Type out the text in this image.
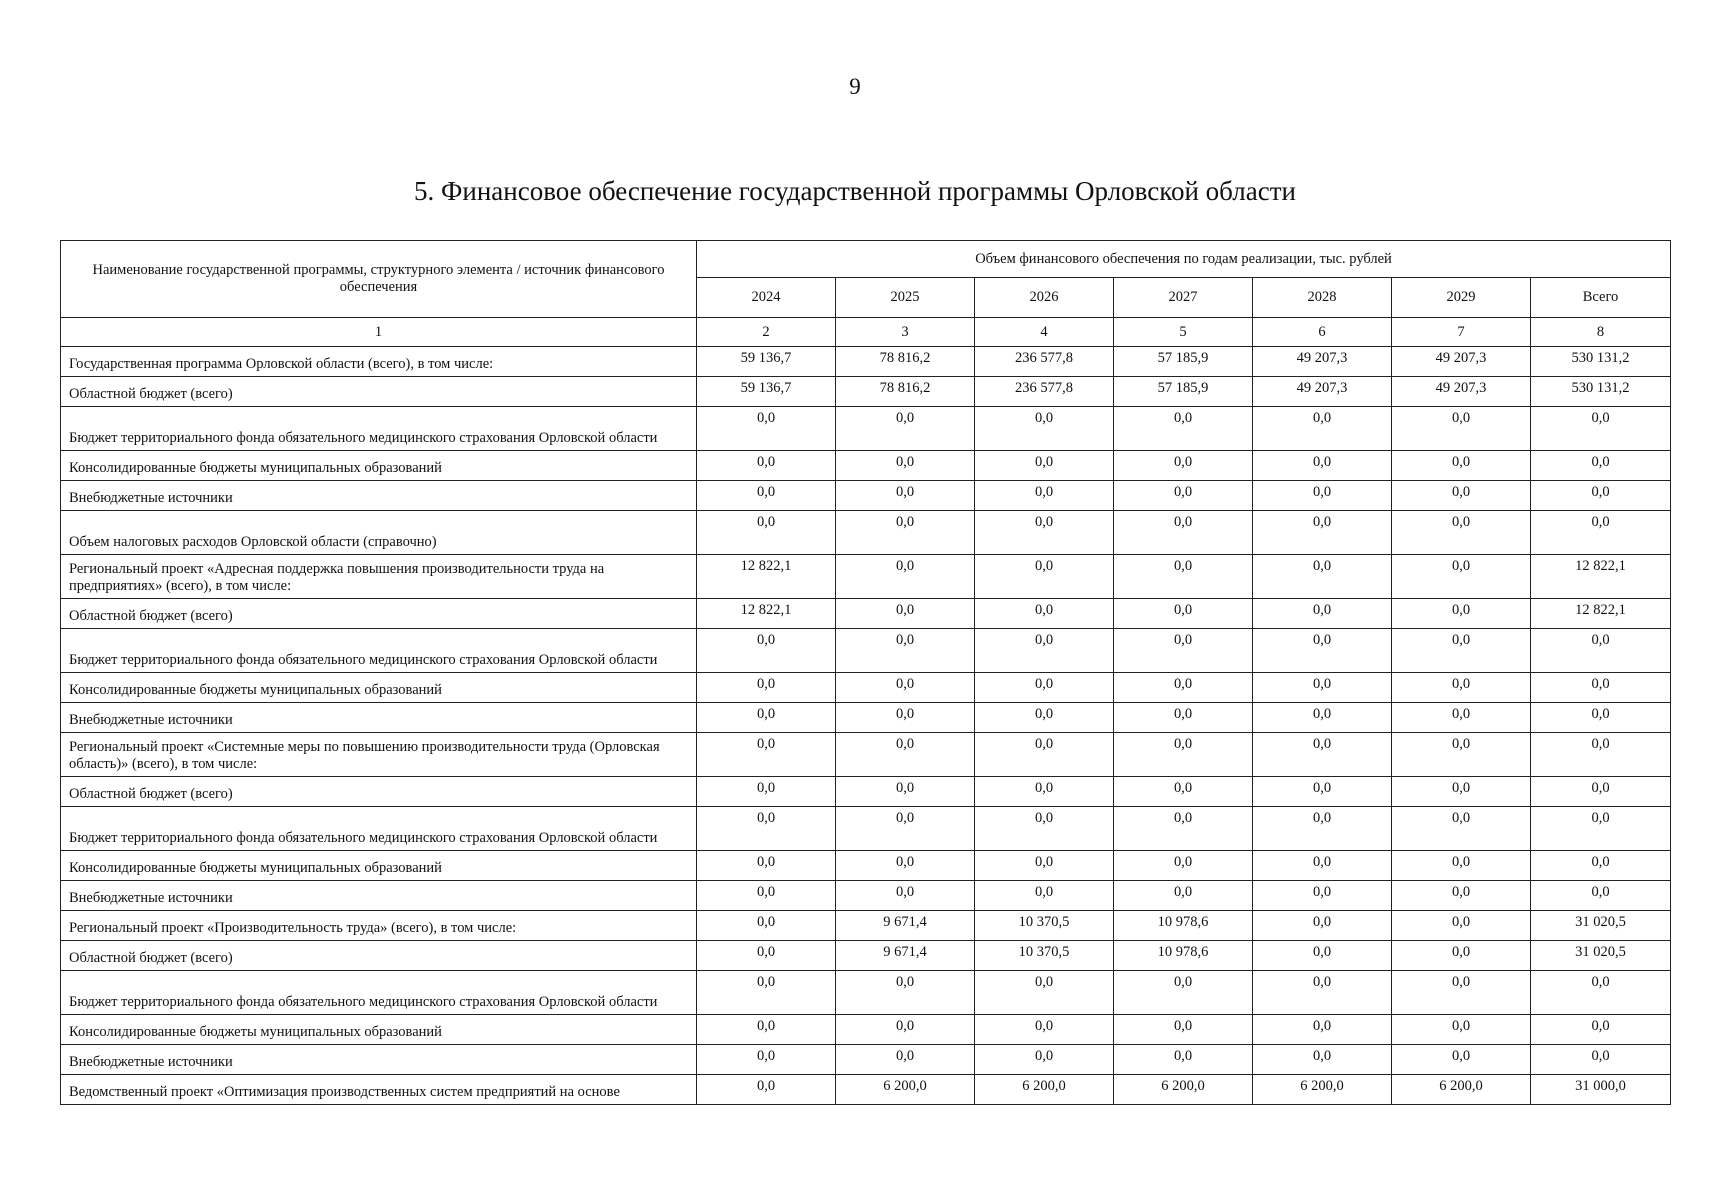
9
5. Финансовое обеспечение государственной программы Орловской области
Наименование государственной программы, структурного элемента / источник финансового обеспечения	Объем финансового обеспечения по годам реализации, тыс. рублей						
	2024	2025	2026	2027	2028	2029	Всего
1	2	3	4	5	6	7	8
Государственная программа Орловской области (всего), в том числе:	59 136,7	78 816,2	236 577,8	57 185,9	49 207,3	49 207,3	530 131,2
Областной бюджет (всего)	59 136,7	78 816,2	236 577,8	57 185,9	49 207,3	49 207,3	530 131,2
Бюджет территориального фонда обязательного медицинского страхования Орловской области	0,0	0,0	0,0	0,0	0,0	0,0	0,0
Консолидированные бюджеты муниципальных образований	0,0	0,0	0,0	0,0	0,0	0,0	0,0
Внебюджетные источники	0,0	0,0	0,0	0,0	0,0	0,0	0,0
Объем налоговых расходов Орловской области (справочно)	0,0	0,0	0,0	0,0	0,0	0,0	0,0
Региональный проект «Адресная поддержка повышения производительности труда на предприятиях» (всего), в том числе:	12 822,1	0,0	0,0	0,0	0,0	0,0	12 822,1
Областной бюджет (всего)	12 822,1	0,0	0,0	0,0	0,0	0,0	12 822,1
Бюджет территориального фонда обязательного медицинского страхования Орловской области	0,0	0,0	0,0	0,0	0,0	0,0	0,0
Консолидированные бюджеты муниципальных образований	0,0	0,0	0,0	0,0	0,0	0,0	0,0
Внебюджетные источники	0,0	0,0	0,0	0,0	0,0	0,0	0,0
Региональный проект «Системные меры по повышению производительности труда (Орловская область)» (всего), в том числе:	0,0	0,0	0,0	0,0	0,0	0,0	0,0
Областной бюджет (всего)	0,0	0,0	0,0	0,0	0,0	0,0	0,0
Бюджет территориального фонда обязательного медицинского страхования Орловской области	0,0	0,0	0,0	0,0	0,0	0,0	0,0
Консолидированные бюджеты муниципальных образований	0,0	0,0	0,0	0,0	0,0	0,0	0,0
Внебюджетные источники	0,0	0,0	0,0	0,0	0,0	0,0	0,0
Региональный проект «Производительность труда» (всего), в том числе:	0,0	9 671,4	10 370,5	10 978,6	0,0	0,0	31 020,5
Областной бюджет (всего)	0,0	9 671,4	10 370,5	10 978,6	0,0	0,0	31 020,5
Бюджет территориального фонда обязательного медицинского страхования Орловской области	0,0	0,0	0,0	0,0	0,0	0,0	0,0
Консолидированные бюджеты муниципальных образований	0,0	0,0	0,0	0,0	0,0	0,0	0,0
Внебюджетные источники	0,0	0,0	0,0	0,0	0,0	0,0	0,0
Ведомственный проект «Оптимизация производственных систем предприятий на основе	0,0	6 200,0	6 200,0	6 200,0	6 200,0	6 200,0	31 000,0
